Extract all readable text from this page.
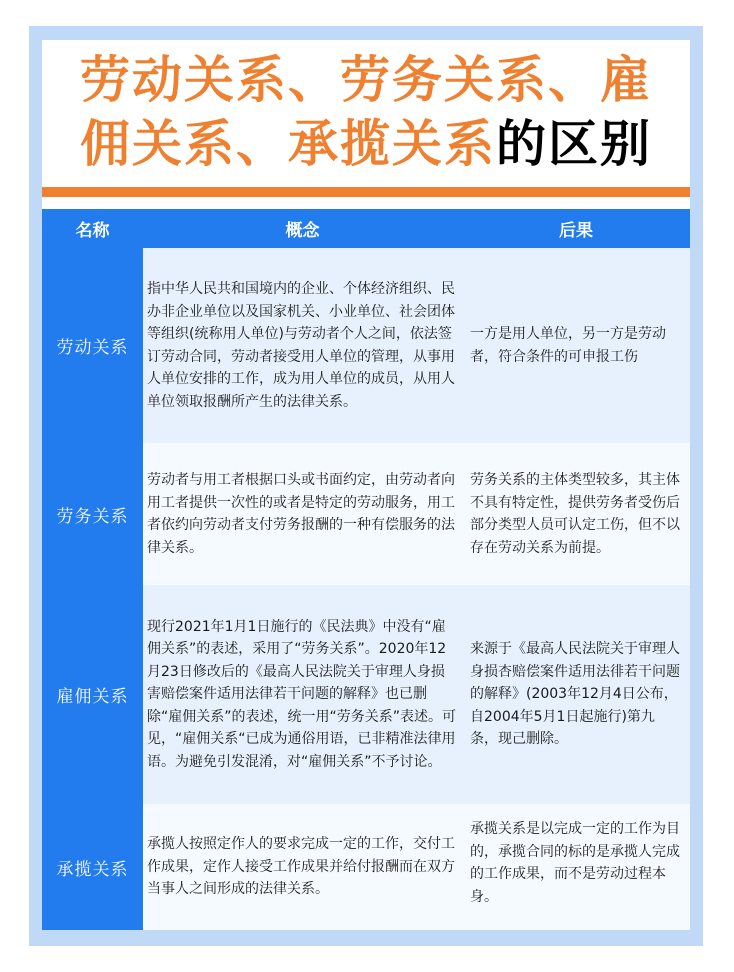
劳动关系、劳务关系、雇
佣关系、承揽关系的区别
名称	概念	后果
劳动关系
指中华人民共和国境内的企业、个体经济组织、民办非企业单位以及国家机关、小业单位、社会团体等组织(统称用人单位)与劳动者个人之间，依法签订劳动合同，劳动者接受用人单位的管理，从事用人单位安排的工作，成为用人单位的成员，从用人单位领取报酬所产生的法律关系。
一方是用人单位，另一方是劳动者，符合条件的可申报工伤
劳务关系
劳动者与用工者根据口头或书面约定，由劳动者向用工者提供一次性的或者是特定的劳动服务，用工者依约向劳动者支付劳务报酬的一种有偿服务的法律关系。
劳务关系的主体类型较多，其主体不具有特定性，提供劳务者受伤后部分类型人员可认定工伤，但不以存在劳动关系为前提。
雇佣关系
现行2021年1月1日施行的《民法典》中没有“雇佣关系”的表述，采用了“劳务关系”。2020年12月23日修改后的《最高人民法院关于审理人身损害赔偿案件适用法律若干问题的解释》也已删除“雇佣关系”的表述，统一用“劳务关系”表述。可见，“雇佣关系“已成为通俗用语，已非精准法律用语。为避免引发混淆，对“雇佣关系”不予讨论。
来源于《最高人民法院关于审理人身损杏赔偿案件适用法徘若干问题的解释》(2003年12月4日公布，自2004年5月1日起施行)第九条，现己删除。
承揽关系
承揽人按照定作人的要求完成一定的工作，交付工作成果，定作人接受工作成果并给付报酬而在双方当事人之间形成的法律关系。
承揽关系是以完成一定的工作为目的，承揽合同的标的是承揽人完成的工作成果，而不是劳动过程本身。
